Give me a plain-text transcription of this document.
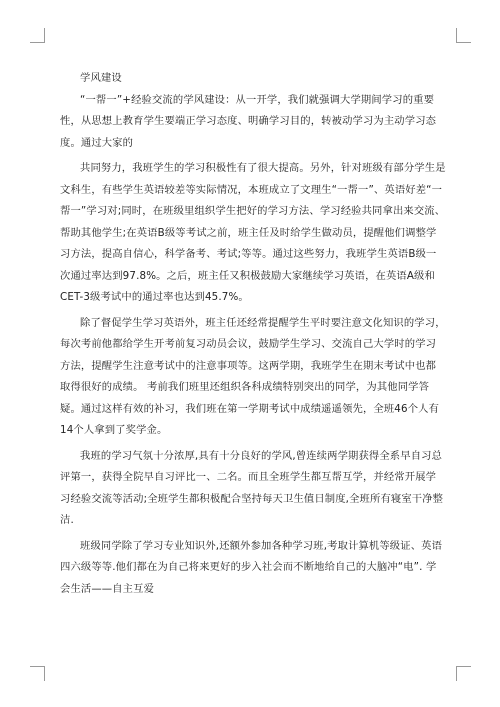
学风建设

“一帮一”+经验交流的学风建设：从一开学，我们就强调大学期间学习的重要性，从思想上教育学生要端正学习态度、明确学习目的，转被动学习为主动学习态度。通过大家的

共同努力，我班学生的学习积极性有了很大提高。另外，针对班级有部分学生是文科生，有些学生英语较差等实际情况，本班成立了文理生“一帮一”、英语好差“一帮一”学习对;同时，在班级里组织学生把好的学习方法、学习经验共同拿出来交流、帮助其他学生;在英语B级等考试之前，班主任及时给学生做动员，提醒他们调整学习方法，提高自信心，科学备考、考试;等等。通过这些努力，我班学生英语B级一次通过率达到97.8%。之后，班主任又积极鼓励大家继续学习英语，在英语A级和CET-3级考试中的通过率也达到45.7%。

除了督促学生学习英语外，班主任还经常提醒学生平时要注意文化知识的学习，每次考前他都给学生开考前复习动员会议，鼓励学生学习、交流自己大学时的学习方法，提醒学生注意考试中的注意事项等。这两学期，我班学生在期末考试中也都取得很好的成绩。 考前我们班里还组织各科成绩特别突出的同学，为其他同学答疑。通过这样有效的补习，我们班在第一学期考试中成绩遥遥领先，全班46个人有14个人拿到了奖学金。

我班的学习气氛十分浓厚,具有十分良好的学风,曾连续两学期获得全系早自习总评第一，获得全院早自习评比一、二名。而且全班学生都互帮互学，并经常开展学习经验交流等活动;全班学生都积极配合坚持每天卫生值日制度,全班所有寝室干净整洁.

班级同学除了学习专业知识外,还额外参加各种学习班,考取计算机等级证、英语四六级等等.他们都在为自己将来更好的步入社会而不断地给自己的大脑冲“电”. 学会生活——自主互爱
